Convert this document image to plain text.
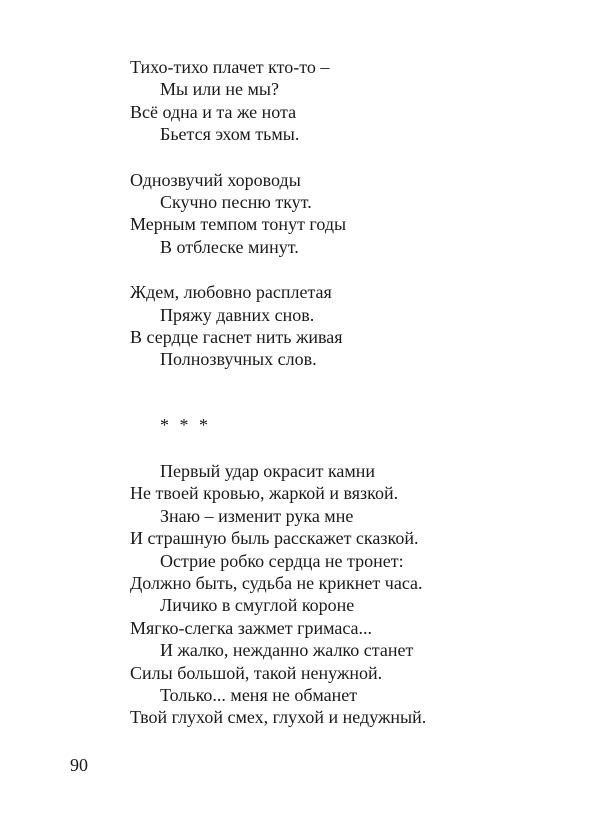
Тихо-тихо плачет кто-то –
Мы или не мы?
Всё одна и та же нота
Бьется эхом тьмы.
Однозвучий хороводы
Скучно песню ткут.
Мерным темпом тонут годы
В отблеске минут.
Ждем, любовно расплетая
Пряжу давних снов.
В сердце гаснет нить живая
Полнозвучных слов.
* * *
Первый удар окрасит камни
Не твоей кровью, жаркой и вязкой.
Знаю – изменит рука мне
И страшную быль расскажет сказкой.
Острие робко сердца не тронет:
Должно быть, судьба не крикнет часа.
Личико в смуглой короне
Мягко-слегка зажмет гримаса...
И жалко, нежданно жалко станет
Силы большой, такой ненужной.
Только... меня не обманет
Твой глухой смех, глухой и недужный.
90
